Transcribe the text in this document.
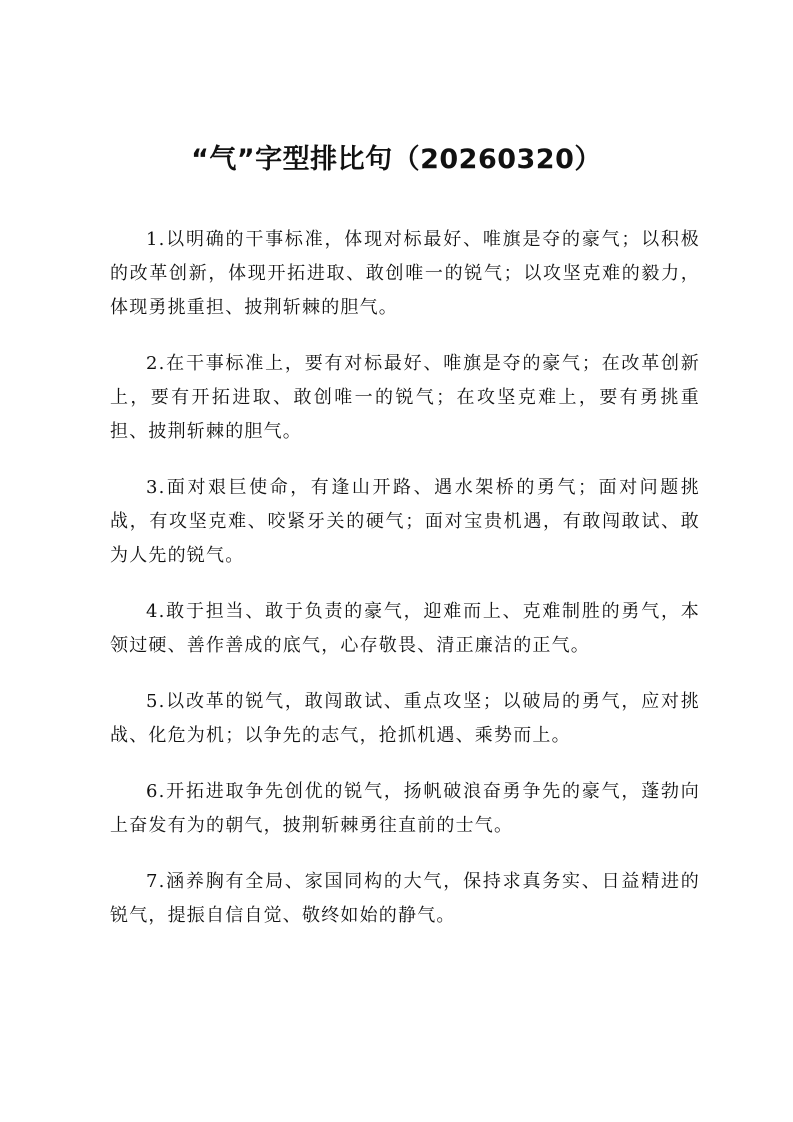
“气”字型排比句（20260320）

1.以明确的干事标准，体现对标最好、唯旗是夺的豪气；以积极的改革创新，体现开拓进取、敢创唯一的锐气；以攻坚克难的毅力，体现勇挑重担、披荆斩棘的胆气。

2.在干事标准上，要有对标最好、唯旗是夺的豪气；在改革创新上，要有开拓进取、敢创唯一的锐气；在攻坚克难上，要有勇挑重担、披荆斩棘的胆气。

3.面对艰巨使命，有逢山开路、遇水架桥的勇气；面对问题挑战，有攻坚克难、咬紧牙关的硬气；面对宝贵机遇，有敢闯敢试、敢为人先的锐气。

4.敢于担当、敢于负责的豪气，迎难而上、克难制胜的勇气，本领过硬、善作善成的底气，心存敬畏、清正廉洁的正气。

5.以改革的锐气，敢闯敢试、重点攻坚；以破局的勇气，应对挑战、化危为机；以争先的志气，抢抓机遇、乘势而上。

6.开拓进取争先创优的锐气，扬帆破浪奋勇争先的豪气，蓬勃向上奋发有为的朝气，披荆斩棘勇往直前的士气。

7.涵养胸有全局、家国同构的大气，保持求真务实、日益精进的锐气，提振自信自觉、敬终如始的静气。
